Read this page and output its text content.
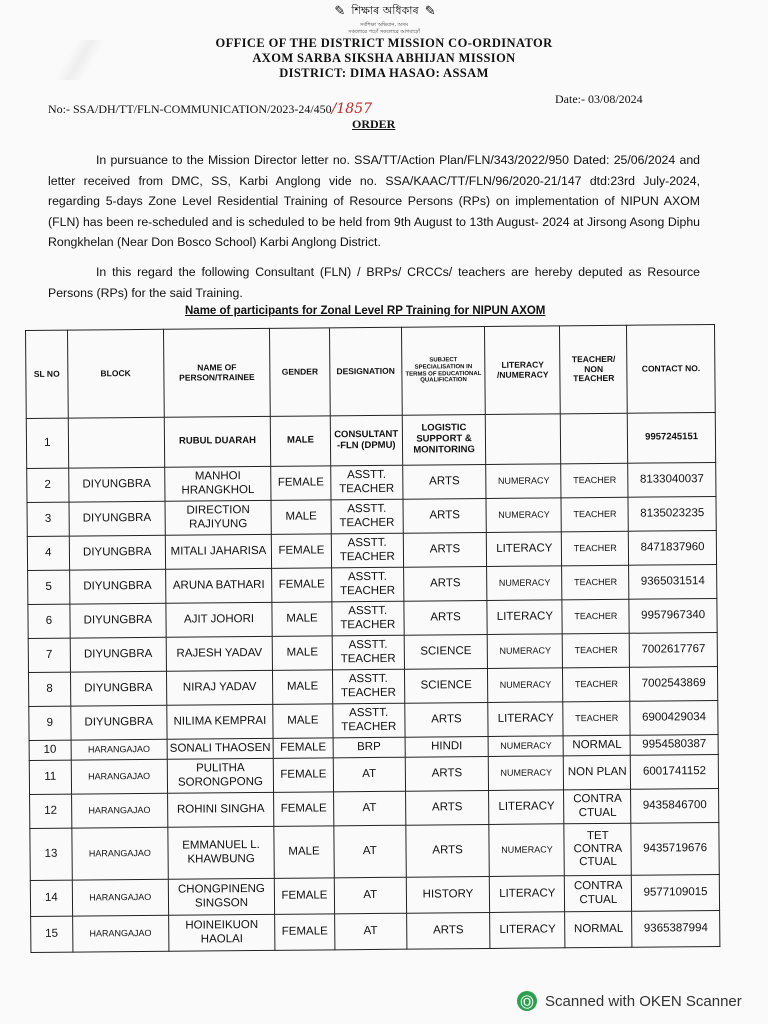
✎ শিক্ষাৰ অধিকাৰ ✎
সৰ্বশিক্ষা অভিযান, অসম
সকলোৱে পঢ়োঁ সকলোৱে আগবাঢ়োঁ
OFFICE OF THE DISTRICT MISSION CO-ORDINATOR
AXOM SARBA SIKSHA ABHIJAN MISSION
DISTRICT: DIMA HASAO: ASSAM
No:- SSA/DH/TT/FLN-COMMUNICATION/2023-24/450/1857
Date:- 03/08/2024
ORDER
In pursuance to the Mission Director letter no. SSA/TT/Action Plan/FLN/343/2022/950 Dated: 25/06/2024 and letter received from DMC, SS, Karbi Anglong vide no. SSA/KAAC/TT/FLN/96/2020-21/147 dtd:23rd July-2024, regarding 5-days Zone Level Residential Training of Resource Persons (RPs) on implementation of NIPUN AXOM (FLN) has been re-scheduled and is scheduled to be held from 9th August to 13th August- 2024 at Jirsong Asong Diphu Rongkhelan (Near Don Bosco School) Karbi Anglong District.
In this regard the following Consultant (FLN) / BRPs/ CRCCs/ teachers are hereby deputed as Resource Persons (RPs) for the said Training.
Name of participants for Zonal Level RP Training for NIPUN AXOM
SL NO	BLOCK	NAME OF PERSON/TRAINEE	GENDER	DESIGNATION	SUBJECT SPECIALISATION IN TERMS OF EDUCATIONAL QUALIFICATION	LITERACY /NUMERACY	TEACHER/ NON TEACHER	CONTACT NO.
1		RUBUL DUARAH	MALE	CONSULTANT -FLN (DPMU)	LOGISTIC SUPPORT & MONITORING			9957245151
2	DIYUNGBRA	MANHOI HRANGKHOL	FEMALE	ASSTT. TEACHER	ARTS	NUMERACY	TEACHER	8133040037
3	DIYUNGBRA	DIRECTION RAJIYUNG	MALE	ASSTT. TEACHER	ARTS	NUMERACY	TEACHER	8135023235
4	DIYUNGBRA	MITALI JAHARISA	FEMALE	ASSTT. TEACHER	ARTS	LITERACY	TEACHER	8471837960
5	DIYUNGBRA	ARUNA BATHARI	FEMALE	ASSTT. TEACHER	ARTS	NUMERACY	TEACHER	9365031514
6	DIYUNGBRA	AJIT JOHORI	MALE	ASSTT. TEACHER	ARTS	LITERACY	TEACHER	9957967340
7	DIYUNGBRA	RAJESH YADAV	MALE	ASSTT. TEACHER	SCIENCE	NUMERACY	TEACHER	7002617767
8	DIYUNGBRA	NIRAJ YADAV	MALE	ASSTT. TEACHER	SCIENCE	NUMERACY	TEACHER	7002543869
9	DIYUNGBRA	NILIMA KEMPRAI	MALE	ASSTT. TEACHER	ARTS	LITERACY	TEACHER	6900429034
10	HARANGAJAO	SONALI THAOSEN	FEMALE	BRP	HINDI	NUMERACY	NORMAL	9954580387
11	HARANGAJAO	PULITHA SORONGPONG	FEMALE	AT	ARTS	NUMERACY	NON PLAN	6001741152
12	HARANGAJAO	ROHINI SINGHA	FEMALE	AT	ARTS	LITERACY	CONTRA CTUAL	9435846700
13	HARANGAJAO	EMMANUEL L. KHAWBUNG	MALE	AT	ARTS	NUMERACY	TET CONTRA CTUAL	9435719676
14	HARANGAJAO	CHONGPINENG SINGSON	FEMALE	AT	HISTORY	LITERACY	CONTRA CTUAL	9577109015
15	HARANGAJAO	HOINEIKUON HAOLAI	FEMALE	AT	ARTS	LITERACY	NORMAL	9365387994
Ⓞ Scanned with OKEN Scanner
